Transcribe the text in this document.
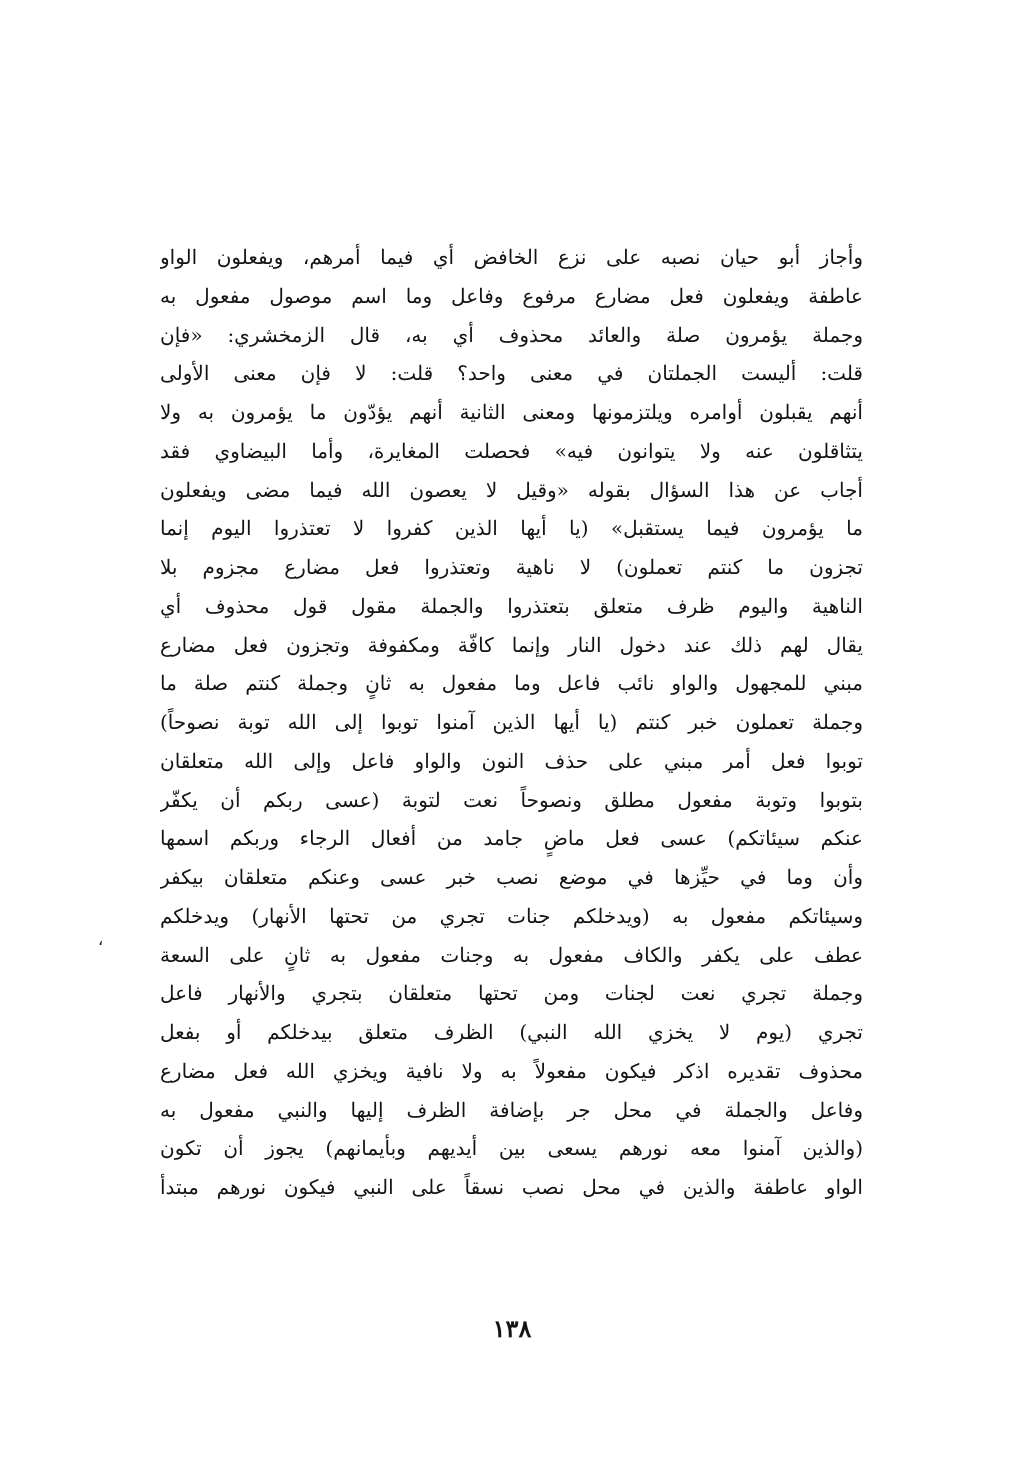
وأجاز أبو حيان نصبه على نزع الخافض أي فيما أمرهم، ويفعلون الواو
عاطفة ويفعلون فعل مضارع مرفوع وفاعل وما اسم موصول مفعول به
وجملة يؤمرون صلة والعائد محذوف أي به، قال الزمخشري: «فإن
قلت: أليست الجملتان في معنى واحد؟ قلت: لا فإن معنى الأولى
أنهم يقبلون أوامره ويلتزمونها ومعنى الثانية أنهم يؤدّون ما يؤمرون به ولا
يتثاقلون عنه ولا يتوانون فيه» فحصلت المغايرة، وأما البيضاوي فقد
أجاب عن هذا السؤال بقوله «وقيل لا يعصون الله فيما مضى ويفعلون
ما يؤمرون فيما يستقبل» (يا أيها الذين كفروا لا تعتذروا اليوم إنما
تجزون ما كنتم تعملون) لا ناهية وتعتذروا فعل مضارع مجزوم بلا
الناهية واليوم ظرف متعلق بتعتذروا والجملة مقول قول محذوف أي
يقال لهم ذلك عند دخول النار وإنما كافّة ومكفوفة وتجزون فعل مضارع
مبني للمجهول والواو نائب فاعل وما مفعول به ثانٍ وجملة كنتم صلة ما
وجملة تعملون خبر كنتم (يا أيها الذين آمنوا توبوا إلى الله توبة نصوحاً)
توبوا فعل أمر مبني على حذف النون والواو فاعل وإلى الله متعلقان
بتوبوا وتوبة مفعول مطلق ونصوحاً نعت لتوبة (عسى ربكم أن يكفّر
عنكم سيئاتكم) عسى فعل ماضٍ جامد من أفعال الرجاء وربكم اسمها
وأن وما في حيِّزها في موضع نصب خبر عسى وعنكم متعلقان بيكفر
وسيئاتكم مفعول به (ويدخلكم جنات تجري من تحتها الأنهار) ويدخلكم
عطف على يكفر والكاف مفعول به وجنات مفعول به ثانٍ على السعة
وجملة تجري نعت لجنات ومن تحتها متعلقان بتجري والأنهار فاعل
تجري (يوم لا يخزي الله النبي) الظرف متعلق بيدخلكم أو بفعل
محذوف تقديره اذكر فيكون مفعولاً به ولا نافية ويخزي الله فعل مضارع
وفاعل والجملة في محل جر بإضافة الظرف إليها والنبي مفعول به
(والذين آمنوا معه نورهم يسعى بين أيديهم وبأيمانهم) يجوز أن تكون
الواو عاطفة والذين في محل نصب نسقاً على النبي فيكون نورهم مبتدأ
،
١٣٨
